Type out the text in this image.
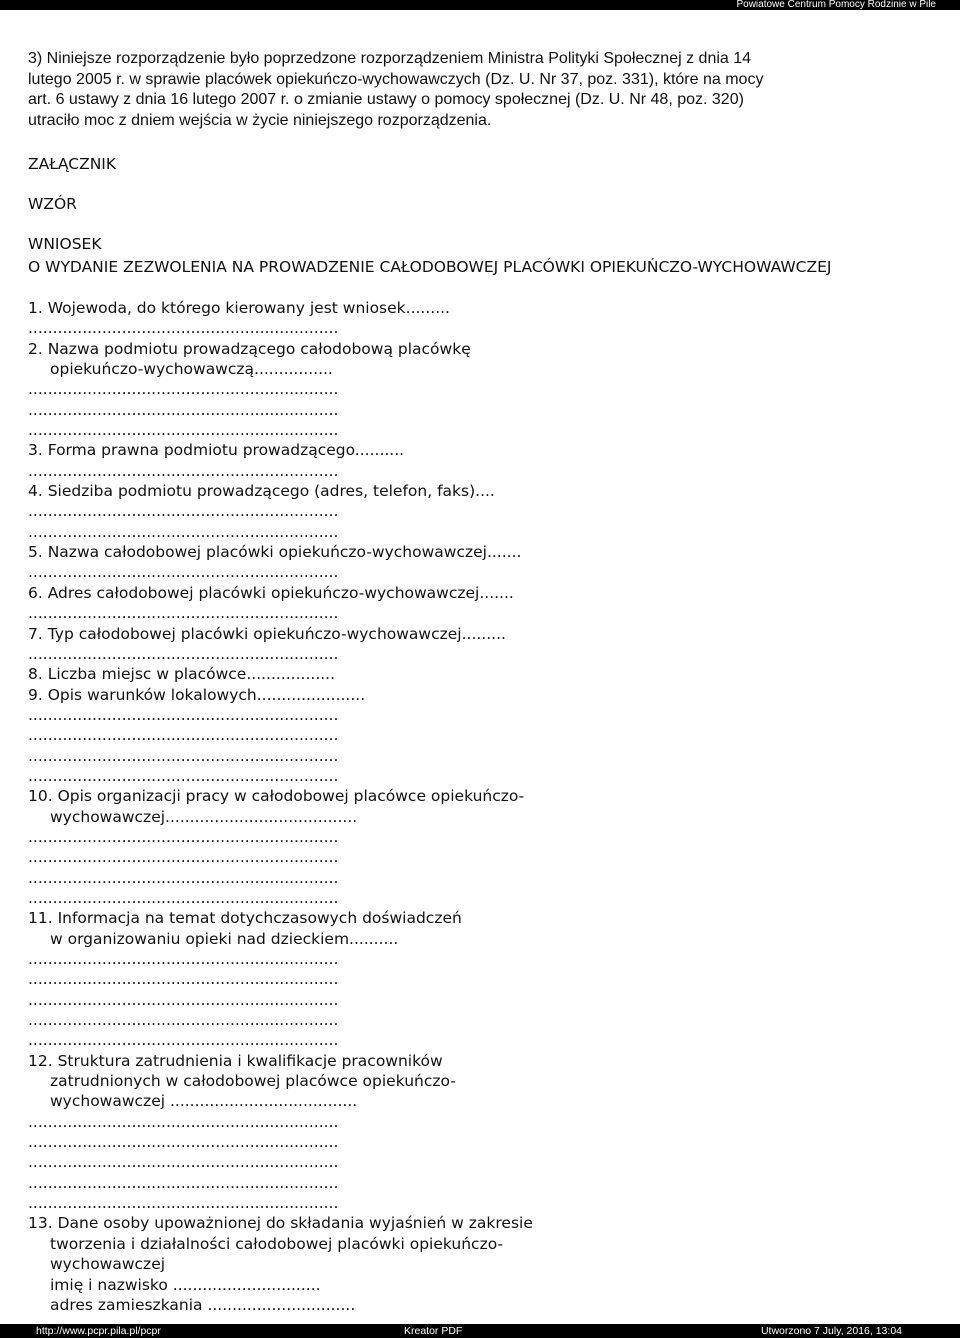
Powiatowe Centrum Pomocy Rodzinie w Pile
3) Niniejsze rozporządzenie było poprzedzone rozporządzeniem Ministra Polityki Społecznej z dnia 14
lutego 2005 r. w sprawie placówek opiekuńczo-wychowawczych (Dz. U. Nr 37, poz. 331), które na mocy
art. 6 ustawy z dnia 16 lutego 2007 r. o zmianie ustawy o pomocy społecznej (Dz. U. Nr 48, poz. 320)
utraciło moc z dniem wejścia w życie niniejszego rozporządzenia.
ZAŁĄCZNIK
WZÓR
WNIOSEK
O WYDANIE ZEZWOLENIA NA PROWADZENIE CAŁODOBOWEJ PLACÓWKI OPIEKUŃCZO-WYCHOWAWCZEJ
1. Wojewoda, do którego kierowany jest wniosek.........
...............................................................
2. Nazwa podmiotu prowadzącego całodobową placówkę
opiekuńczo-wychowawczą................
...............................................................
...............................................................
...............................................................
3. Forma prawna podmiotu prowadzącego..........
...............................................................
4. Siedziba podmiotu prowadzącego (adres, telefon, faks)....
...............................................................
...............................................................
5. Nazwa całodobowej placówki opiekuńczo-wychowawczej.......
...............................................................
6. Adres całodobowej placówki opiekuńczo-wychowawczej.......
...............................................................
7. Typ całodobowej placówki opiekuńczo-wychowawczej.........
...............................................................
8. Liczba miejsc w placówce..................
9. Opis warunków lokalowych......................
...............................................................
...............................................................
...............................................................
...............................................................
10. Opis organizacji pracy w całodobowej placówce opiekuńczo-
wychowawczej.......................................
...............................................................
...............................................................
...............................................................
...............................................................
11. Informacja na temat dotychczasowych doświadczeń
w organizowaniu opieki nad dzieckiem..........
...............................................................
...............................................................
...............................................................
...............................................................
...............................................................
12. Struktura zatrudnienia i kwalifikacje pracowników
zatrudnionych w całodobowej placówce opiekuńczo-
wychowawczej ......................................
...............................................................
...............................................................
...............................................................
...............................................................
...............................................................
13. Dane osoby upoważnionej do składania wyjaśnień w zakresie
tworzenia i działalności całodobowej placówki opiekuńczo-
wychowawczej
imię i nazwisko ..............................
adres zamieszkania ..............................
http://www.pcpr.pila.pl/pcpr	Kreator PDF	Utworzono 7 July, 2016, 13:04
